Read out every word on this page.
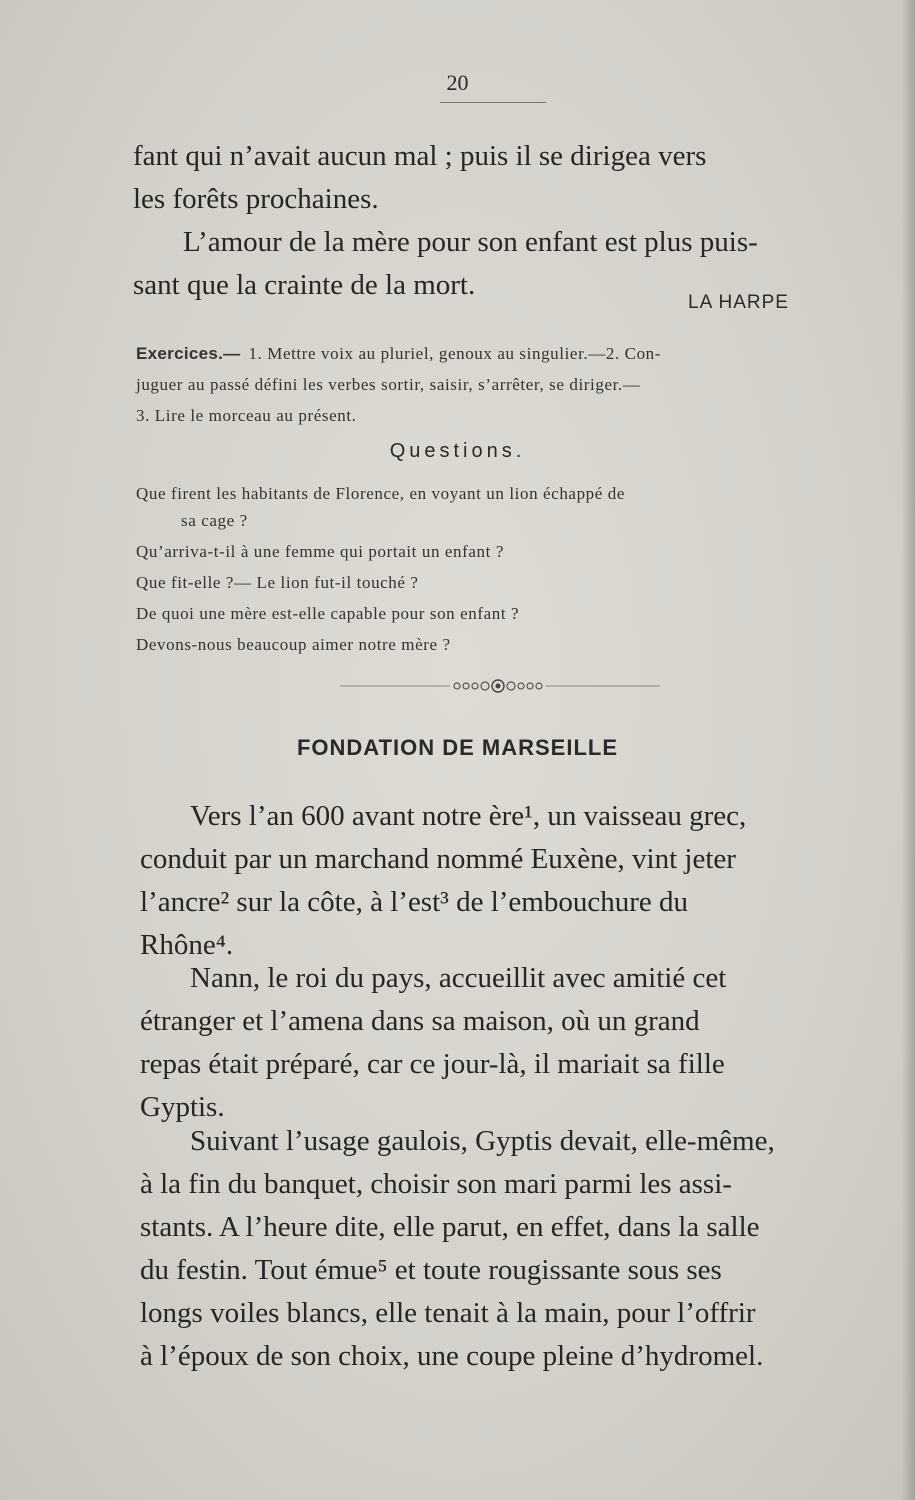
20
fant qui n’avait aucun mal ; puis il se dirigea vers
les forêts prochaines.
L’amour de la mère pour son enfant est plus puis-
sant que la crainte de la mort.
LA HARPE
Exercices.— 1. Mettre voix au pluriel, genoux au singulier.—2. Con-
juguer au passé défini les verbes sortir, saisir, s’arrêter, se diriger.—
3. Lire le morceau au présent.
Questions.
Que firent les habitants de Florence, en voyant un lion échappé de
sa cage ?
Qu’arriva-t-il à une femme qui portait un enfant ?
Que fit-elle ?— Le lion fut-il touché ?
De quoi une mère est-elle capable pour son enfant ?
Devons-nous beaucoup aimer notre mère ?
FONDATION DE MARSEILLE
Vers l’an 600 avant notre ère¹, un vaisseau grec,
conduit par un marchand nommé Euxène, vint jeter
l’ancre² sur la côte, à l’est³ de l’embouchure du
Rhône⁴.
Nann, le roi du pays, accueillit avec amitié cet
étranger et l’amena dans sa maison, où un grand
repas était préparé, car ce jour-là, il mariait sa fille
Gyptis.
Suivant l’usage gaulois, Gyptis devait, elle-même,
à la fin du banquet, choisir son mari parmi les assi-
stants. A l’heure dite, elle parut, en effet, dans la salle
du festin. Tout émue⁵ et toute rougissante sous ses
longs voiles blancs, elle tenait à la main, pour l’offrir
à l’époux de son choix, une coupe pleine d’hydromel.
